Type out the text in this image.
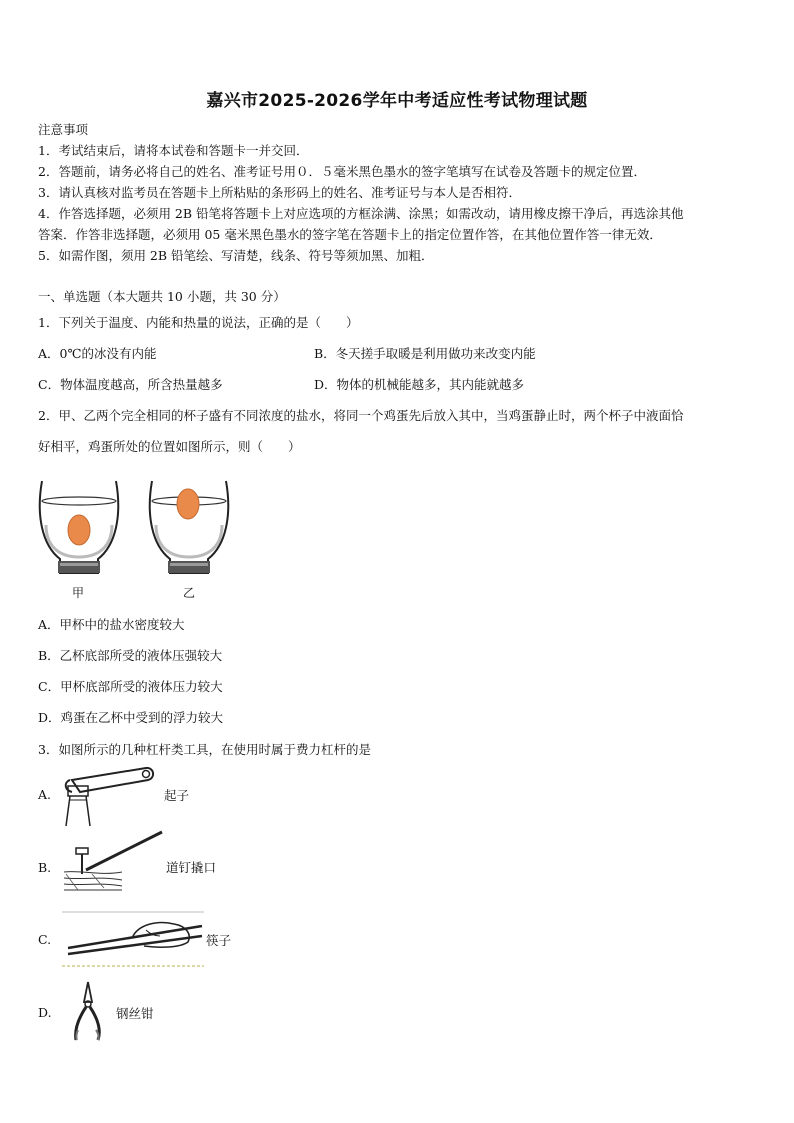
嘉兴市2025-2026学年中考适应性考试物理试题
注意事项
1．考试结束后，请将本试卷和答题卡一并交回．
2．答题前，请务必将自己的姓名、准考证号用０．５毫米黑色墨水的签字笔填写在试卷及答题卡的规定位置．
3．请认真核对监考员在答题卡上所粘贴的条形码上的姓名、准考证号与本人是否相符．
4．作答选择题，必须用 2B 铅笔将答题卡上对应选项的方框涂满、涂黑；如需改动，请用橡皮擦干净后，再选涂其他
答案．作答非选择题，必须用 05 毫米黑色墨水的签字笔在答题卡上的指定位置作答，在其他位置作答一律无效．
5．如需作图，须用 2B 铅笔绘、写清楚，线条、符号等须加黑、加粗．
一、单选题（本大题共 10 小题，共 30 分）
1．下列关于温度、内能和热量的说法，正确的是（　　）
A．0℃的冰没有内能	B．冬天搓手取暖是利用做功来改变内能
C．物体温度越高，所含热量越多	D．物体的机械能越多，其内能就越多
2．甲、乙两个完全相同的杯子盛有不同浓度的盐水，将同一个鸡蛋先后放入其中，当鸡蛋静止时，两个杯子中液面恰
好相平，鸡蛋所处的位置如图所示，则（　　）
甲	乙
A．甲杯中的盐水密度较大
B．乙杯底部所受的液体压强较大
C．甲杯底部所受的液体压力较大
D．鸡蛋在乙杯中受到的浮力较大
3．如图所示的几种杠杆类工具，在使用时属于费力杠杆的是
A.	起子
B.	道钉撬口
C.	筷子
D.	钢丝钳
